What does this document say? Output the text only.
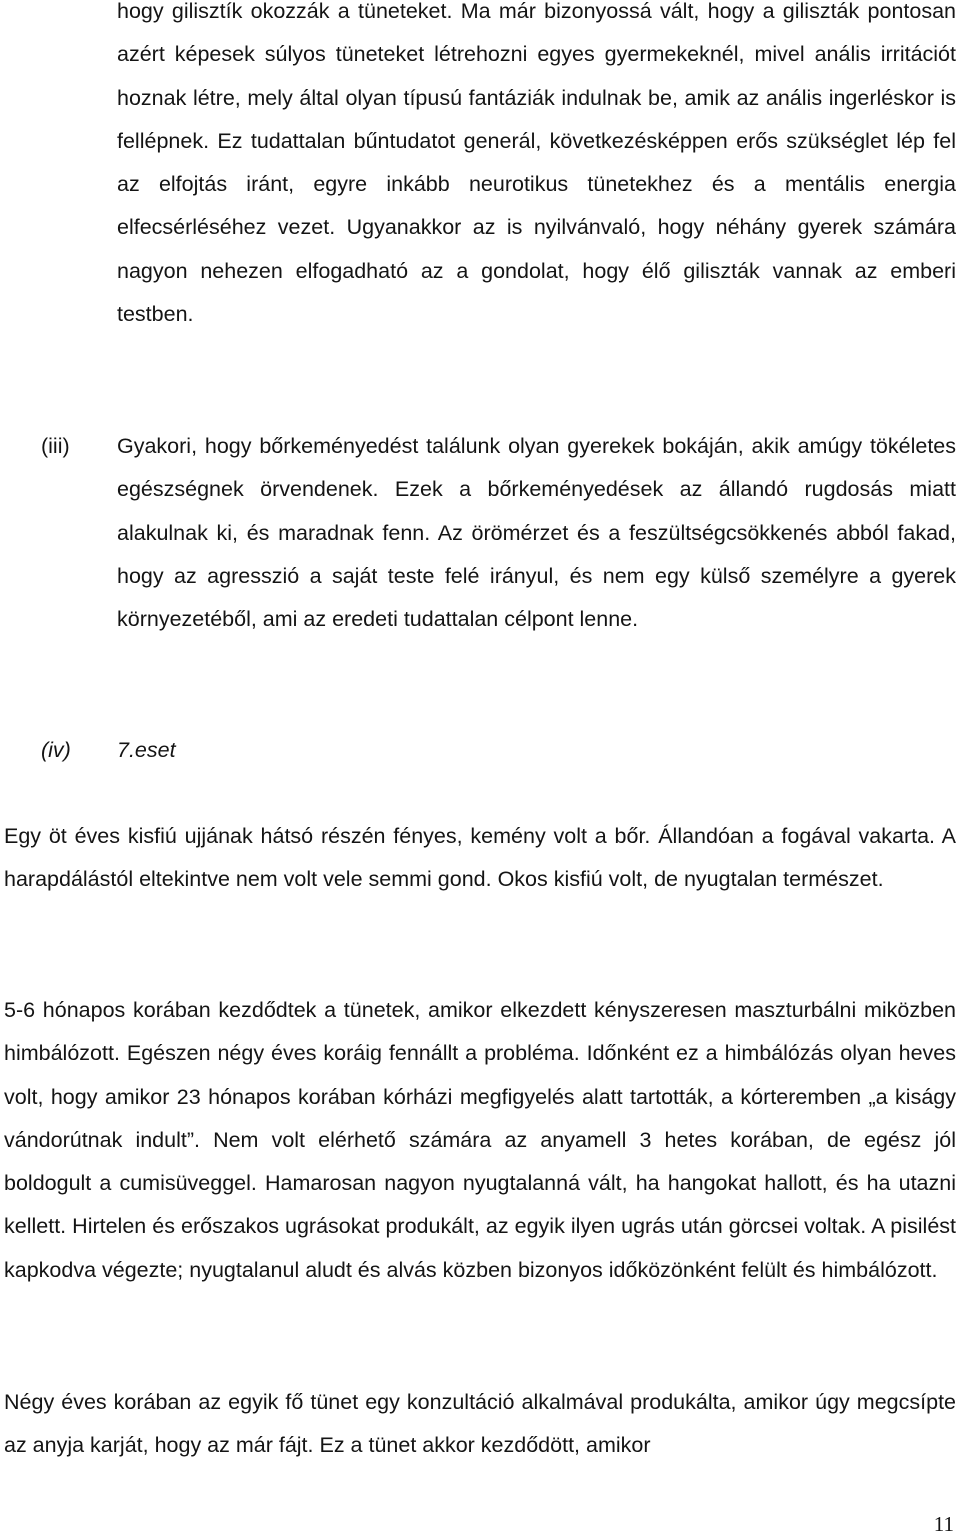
hogy gilisztík okozzák a tüneteket. Ma már bizonyossá vált, hogy a giliszták pontosan azért képesek súlyos tüneteket létrehozni egyes gyermekeknél, mivel anális irritációt hoznak létre, mely által olyan típusú fantáziák indulnak be, amik az anális ingerléskor is fellépnek. Ez tudattalan bűntudatot generál, következésképpen erős szükséglet lép fel az elfojtás iránt, egyre inkább neurotikus tünetekhez és a mentális energia elfecsérléséhez vezet. Ugyanakkor az is nyilvánvaló, hogy néhány gyerek számára nagyon nehezen elfogadható az a gondolat, hogy élő giliszták vannak az emberi testben.

(iii) Gyakori, hogy bőrkeményedést találunk olyan gyerekek bokáján, akik amúgy tökéletes egészségnek örvendenek. Ezek a bőrkeményedések az állandó rugdosás miatt alakulnak ki, és maradnak fenn. Az örömérzet és a feszültségcsökkenés abból fakad, hogy az agresszió a saját teste felé irányul, és nem egy külső személyre a gyerek környezetéből, ami az eredeti tudattalan célpont lenne.

(iv) 7.eset

Egy öt éves kisfiú ujjának hátsó részén fényes, kemény volt a bőr. Állandóan a fogával vakarta. A harapdálástól eltekintve nem volt vele semmi gond. Okos kisfiú volt, de nyugtalan természet.

5-6 hónapos korában kezdődtek a tünetek, amikor elkezdett kényszeresen maszturbálni miközben himbálózott. Egészen négy éves koráig fennállt a probléma. Időnként ez a himbálózás olyan heves volt, hogy amikor 23 hónapos korában kórházi megfigyelés alatt tartották, a kórteremben „a kiságy vándorútnak indult”. Nem volt elérhető számára az anyamell 3 hetes korában, de egész jól boldogult a cumisüveggel. Hamarosan nagyon nyugtalanná vált, ha hangokat hallott, és ha utazni kellett. Hirtelen és erőszakos ugrásokat produkált, az egyik ilyen ugrás után görcsei voltak. A pisilést kapkodva végezte; nyugtalanul aludt és alvás közben bizonyos időközönként felült és himbálózott.

Négy éves korában az egyik fő tünet egy konzultáció alkalmával produkálta, amikor úgy megcsípte az anyja karját, hogy az már fájt. Ez a tünet akkor kezdődött, amikor

11
